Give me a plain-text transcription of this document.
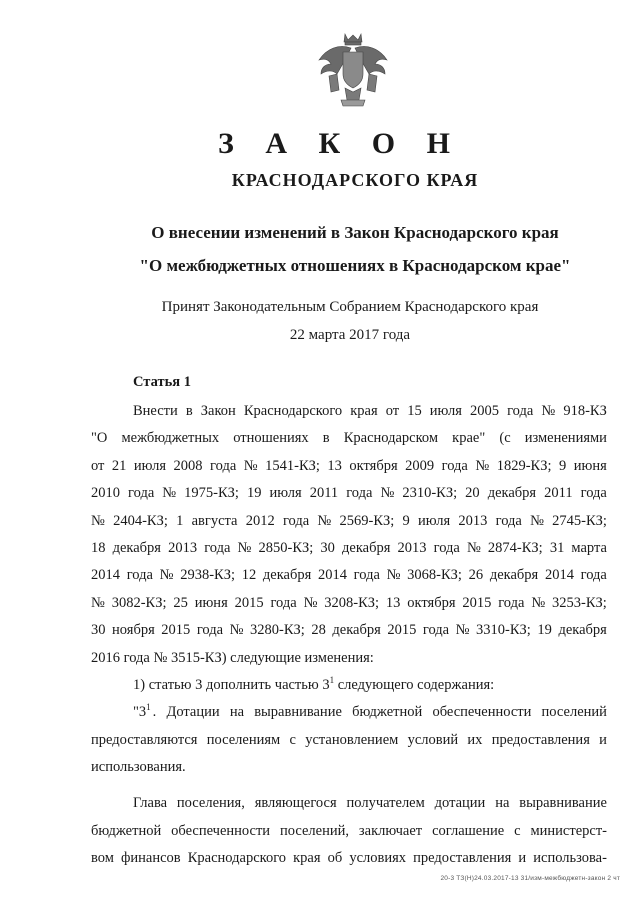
З А К О Н
КРАСНОДАРСКОГО КРАЯ
О внесении изменений в Закон Краснодарского края
"О межбюджетных отношениях в Краснодарском крае"
Принят Законодательным Собранием Краснодарского края
22 марта 2017 года
Статья 1
Внести в Закон Краснодарского края от 15 июля 2005 года № 918-КЗ
"О межбюджетных отношениях в Краснодарском крае" (с изменениями
от 21 июля 2008 года № 1541-КЗ; 13 октября 2009 года № 1829-КЗ; 9 июня
2010 года № 1975-КЗ; 19 июля 2011 года № 2310-КЗ; 20 декабря 2011 года
№ 2404-КЗ; 1 августа 2012 года № 2569-КЗ; 9 июля 2013 года № 2745-КЗ;
18 декабря 2013 года № 2850-КЗ; 30 декабря 2013 года № 2874-КЗ; 31 марта
2014 года № 2938-КЗ; 12 декабря 2014 года № 3068-КЗ; 26 декабря 2014 года
№ 3082-КЗ; 25 июня 2015 года № 3208-КЗ; 13 октября 2015 года № 3253-КЗ;
30 ноября 2015 года № 3280-КЗ; 28 декабря 2015 года № 3310-КЗ; 19 декабря
2016 года № 3515-КЗ) следующие изменения:
1) статью 3 дополнить частью $3^1$ следующего содержания:
"$3^1$ . Дотации на выравнивание бюджетной обеспеченности поселений
предоставляются поселениям с установлением условий их предоставления и
использования.
Глава поселения, являющегося получателем дотации на выравнивание
бюджетной обеспеченности поселений, заключает соглашение с министерст-
вом финансов Краснодарского края об условиях предоставления и использова-
20-3 ТЗ(Н)24.03.2017-13 31/изм-межбюджетн-закон 2 чт
